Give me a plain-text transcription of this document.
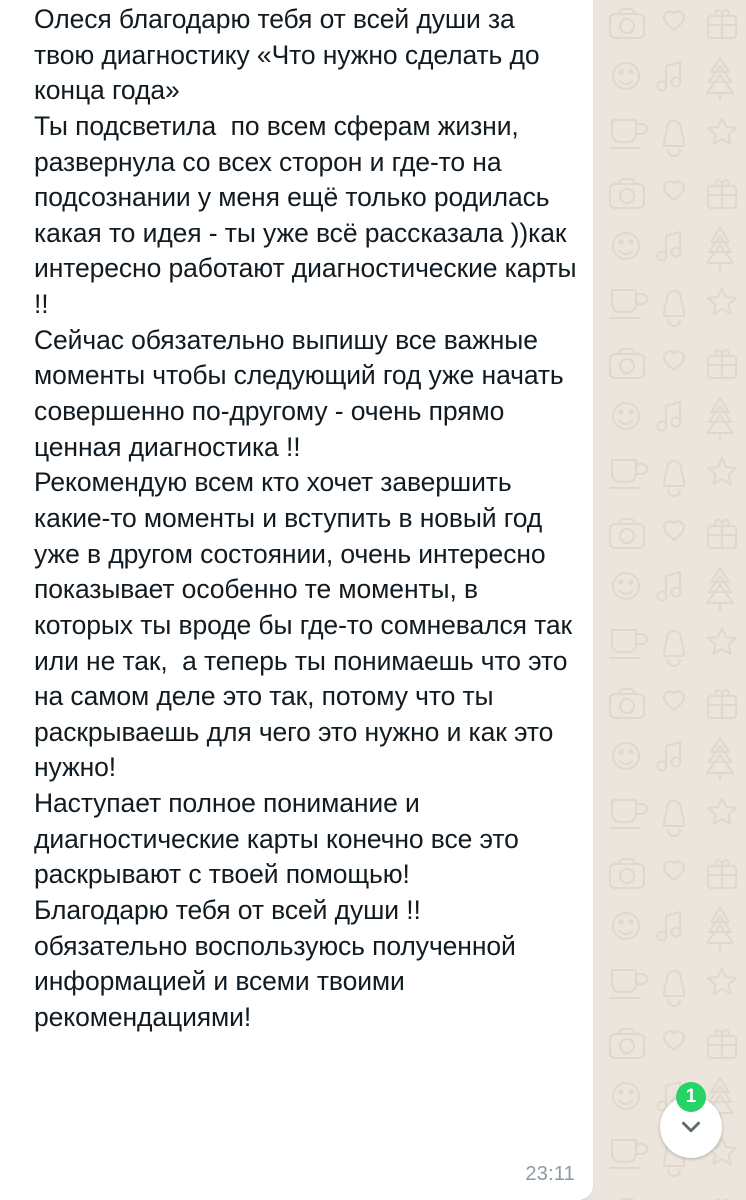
Олеся благодарю тебя от всей души за твою диагностику «Что нужно сделать до конца года»
Ты подсветила  по всем сферам жизни,  развернула со всех сторон и где-то на подсознании у меня ещё только родилась какая то идея - ты уже всё рассказала ))как интересно работают диагностические карты !!
Сейчас обязательно выпишу все важные моменты чтобы следующий год уже начать совершенно по-другому - очень прямо ценная диагностика !!
Рекомендую всем кто хочет завершить какие-то моменты и вступить в новый год уже в другом состоянии, очень интересно показывает особенно те моменты, в которых ты вроде бы где-то сомневался так или не так,  а теперь ты понимаешь что это на самом деле это так, потому что ты раскрываешь для чего это нужно и как это нужно!
Наступает полное понимание и диагностические карты конечно все это раскрывают с твоей помощью!
Благодарю тебя от всей души !!
обязательно воспользуюсь полученной информацией и всеми твоими рекомендациями!
23:11
1
